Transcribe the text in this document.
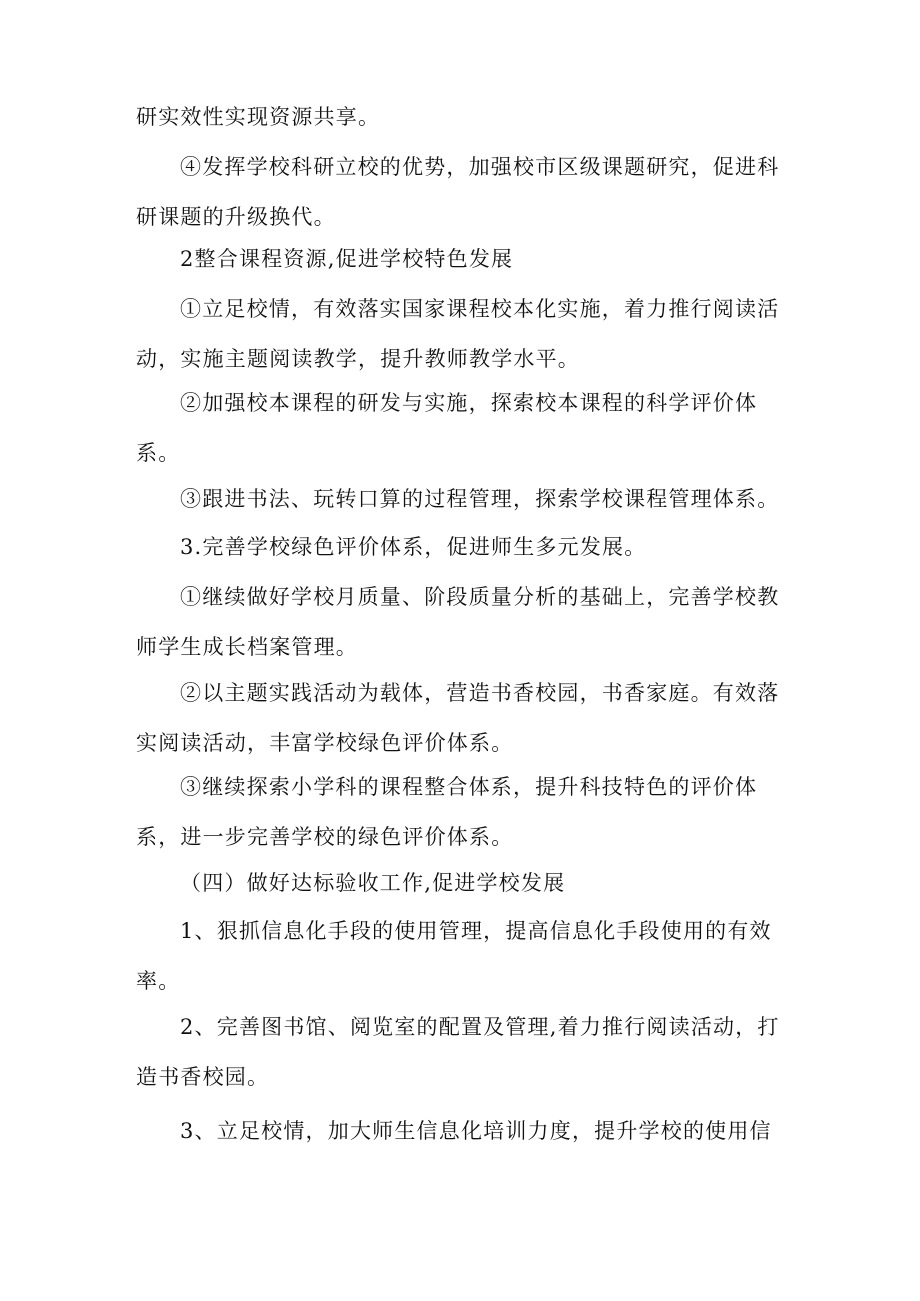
研实效性实现资源共享。

④发挥学校科研立校的优势，加强校市区级课题研究，促进科研课题的升级换代。

2整合课程资源,促进学校特色发展

①立足校情，有效落实国家课程校本化实施，着力推行阅读活动，实施主题阅读教学，提升教师教学水平。

②加强校本课程的研发与实施，探索校本课程的科学评价体系。

③跟进书法、玩转口算的过程管理，探索学校课程管理体系。

3.完善学校绿色评价体系，促进师生多元发展。

①继续做好学校月质量、阶段质量分析的基础上，完善学校教师学生成长档案管理。

②以主题实践活动为载体，营造书香校园，书香家庭。有效落实阅读活动，丰富学校绿色评价体系。

③继续探索小学科的课程整合体系，提升科技特色的评价体系，进一步完善学校的绿色评价体系。

（四）做好达标验收工作,促进学校发展

1、狠抓信息化手段的使用管理，提高信息化手段使用的有效率。

2、完善图书馆、阅览室的配置及管理,着力推行阅读活动，打造书香校园。

3、立足校情，加大师生信息化培训力度，提升学校的使用信
